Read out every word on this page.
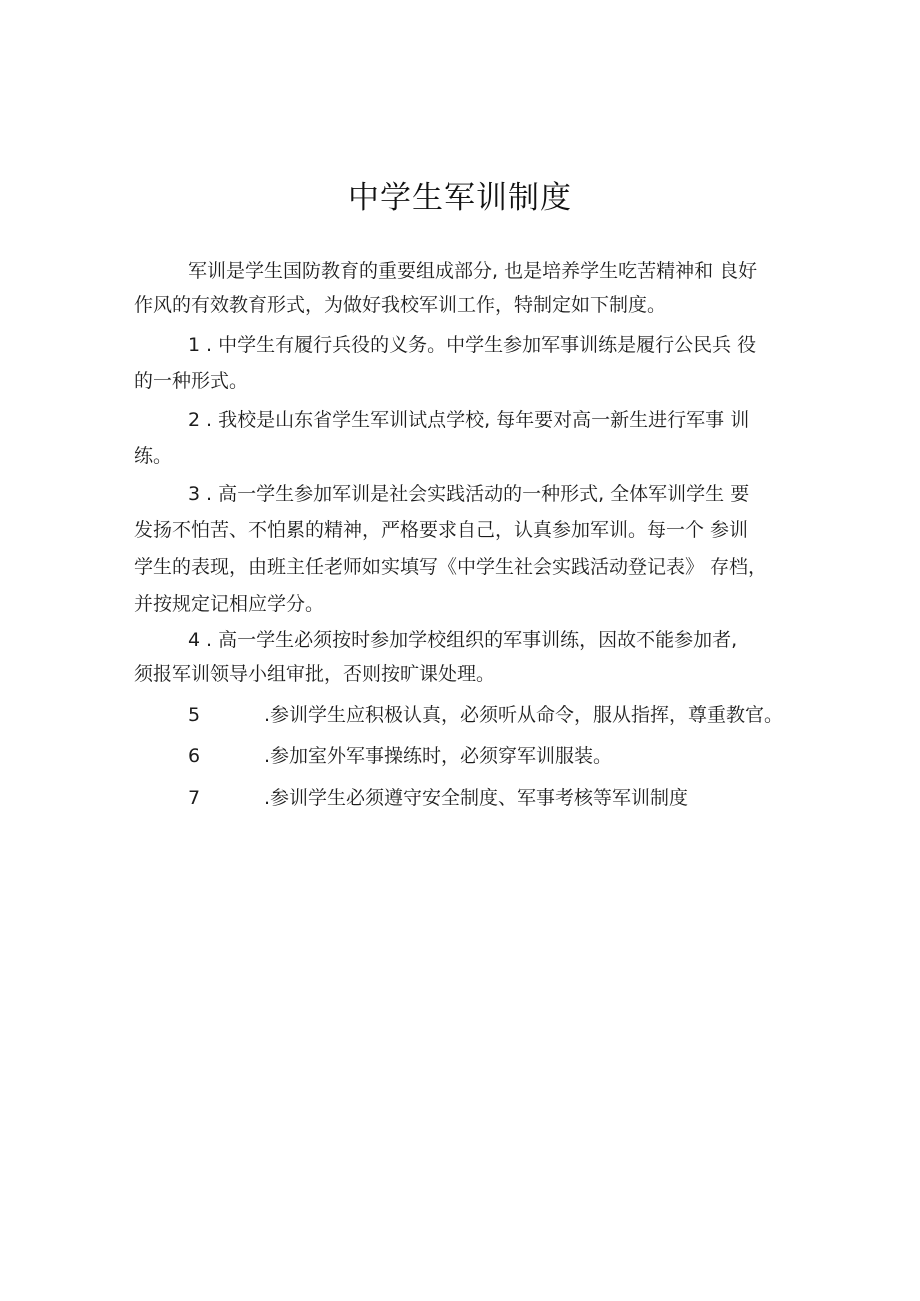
中学生军训制度
军训是学生国防教育的重要组成部分, 也是培养学生吃苦精神和 良好
作风的有效教育形式，为做好我校军训工作，特制定如下制度。
1 . 中学生有履行兵役的义务。中学生参加军事训练是履行公民兵 役
的一种形式。
2 . 我校是山东省学生军训试点学校, 每年要对高一新生进行军事 训
练。
3 . 高一学生参加军训是社会实践活动的一种形式, 全体军训学生 要
发扬不怕苦、不怕累的精神，严格要求自己，认真参加军训。每一个 参训
学生的表现，由班主任老师如实填写《中学生社会实践活动登记表》 存档，
并按规定记相应学分。
4 . 高一学生必须按时参加学校组织的军事训练，因故不能参加者,
须报军训领导小组审批，否则按旷课处理。
5	.参训学生应积极认真，必须听从命令，服从指挥，尊重教官。
6	.参加室外军事操练时，必须穿军训服装。
7	.参训学生必须遵守安全制度、军事考核等军训制度
